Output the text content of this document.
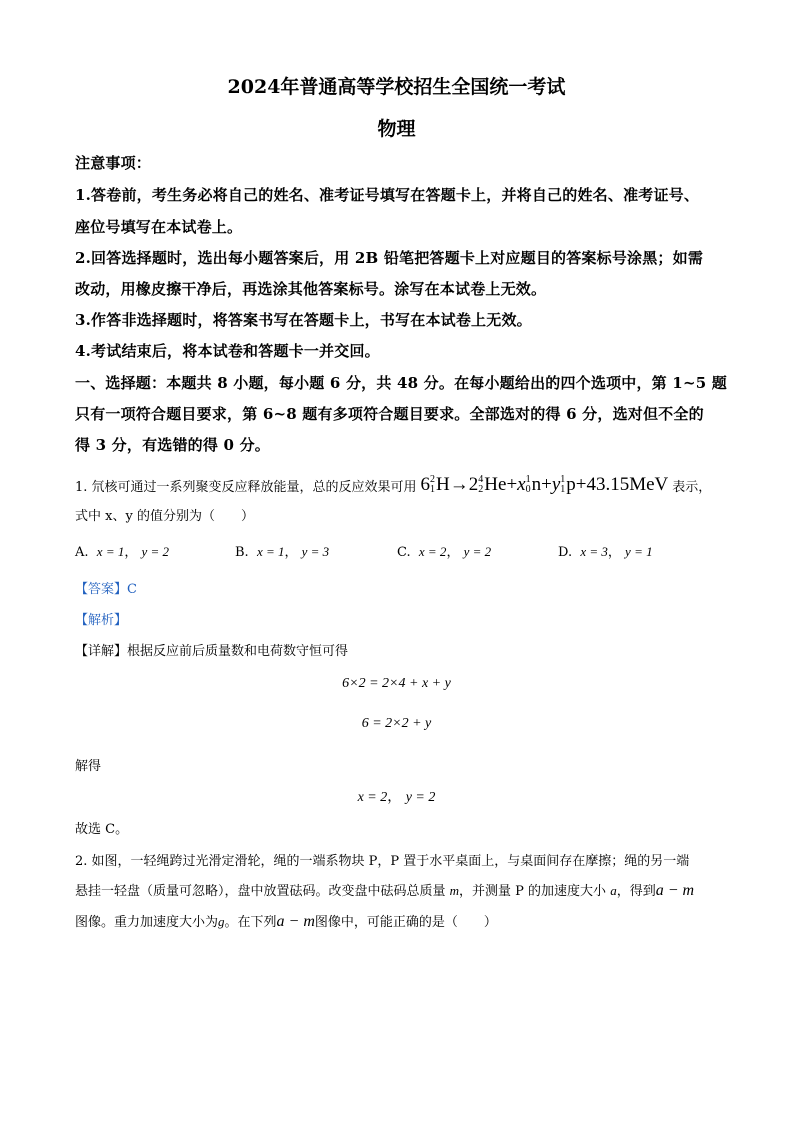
2024年普通高等学校招生全国统一考试
物理
注意事项：
1.答卷前，考生务必将自己的姓名、准考证号填写在答题卡上，并将自己的姓名、准考证号、
座位号填写在本试卷上。
2.回答选择题时，选出每小题答案后，用 2B 铅笔把答题卡上对应题目的答案标号涂黑；如需
改动，用橡皮擦干净后，再选涂其他答案标号。涂写在本试卷上无效。
3.作答非选择题时，将答案书写在答题卡上，书写在本试卷上无效。
4.考试结束后，将本试卷和答题卡一并交回。
一、选择题：本题共 8 小题，每小题 6 分，共 48 分。在每小题给出的四个选项中，第 1~5 题
只有一项符合题目要求，第 6~8 题有多项符合题目要求。全部选对的得 6 分，选对但不全的
得 3 分，有选错的得 0 分。
1. 氘核可通过一系列聚变反应释放能量，总的反应效果可用 6 2
1 H → 2 4
2 He + x 1
0 n + y 1
1 p +43.15MeV 表示，
式中 x、y 的值分别为（　　）
A. x = 1， y = 2	B. x = 1， y = 3	C. x = 2， y = 2	D. x = 3， y = 1
【答案】C
【解析】
【详解】根据反应前后质量数和电荷数守恒可得
6×2 = 2×4 + x + y
6 = 2×2 + y
解得
x = 2， y = 2
故选 C。
2. 如图，一轻绳跨过光滑定滑轮，绳的一端系物块 P，P 置于水平桌面上，与桌面间存在摩擦；绳的另一端
悬挂一轻盘（质量可忽略），盘中放置砝码。改变盘中砝码总质量 m，并测量 P 的加速度大小 a，得到a − m
图像。重力加速度大小为g。在下列a − m图像中，可能正确的是（　　）
